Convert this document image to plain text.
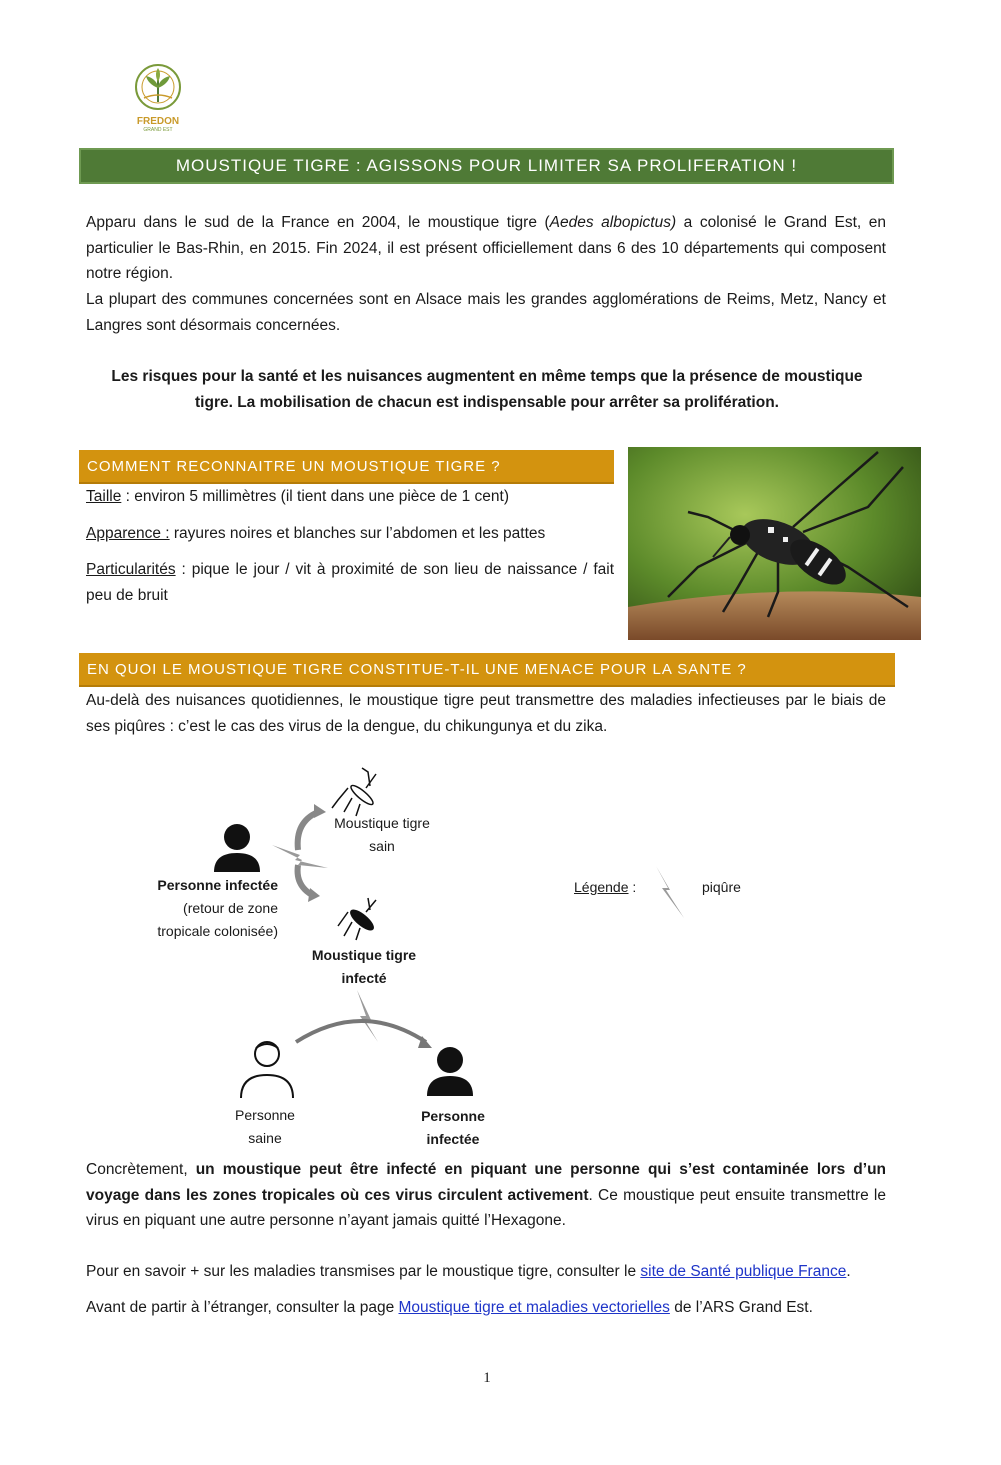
FREDON
GRAND EST
MOUSTIQUE TIGRE : AGISSONS POUR LIMITER SA PROLIFERATION !
Apparu dans le sud de la France en 2004, le moustique tigre (Aedes albopictus) a colonisé le Grand Est, en particulier le Bas-Rhin, en 2015. Fin 2024, il est présent officiellement dans 6 des 10 départements qui composent notre région.
La plupart des communes concernées sont en Alsace mais les grandes agglomérations de Reims, Metz, Nancy et Langres sont désormais concernées.
Les risques pour la santé et les nuisances augmentent en même temps que la présence de moustique tigre. La mobilisation de chacun est indispensable pour arrêter sa prolifération.
COMMENT RECONNAITRE UN MOUSTIQUE TIGRE ?
Taille : environ 5 millimètres (il tient dans une pièce de 1 cent)
Apparence : rayures noires et blanches sur l’abdomen et les pattes
Particularités : pique le jour / vit à proximité de son lieu de naissance / fait peu de bruit
EN QUOI LE MOUSTIQUE TIGRE CONSTITUE-T-IL UNE MENACE POUR LA SANTE ?
Au-delà des nuisances quotidiennes, le moustique tigre peut transmettre des maladies infectieuses par le biais de ses piqûres : c’est le cas des virus de la dengue, du chikungunya et du zika.
Moustique tigre
sain
Personne infectée
(retour de zone
tropicale colonisée)
Moustique tigre
infecté
Personne
saine
Personne
infectée
Légende :	piqûre
Concrètement, un moustique peut être infecté en piquant une personne qui s’est contaminée lors d’un voyage dans les zones tropicales où ces virus circulent activement. Ce moustique peut ensuite transmettre le virus en piquant une autre personne n’ayant jamais quitté l’Hexagone.
Pour en savoir + sur les maladies transmises par le moustique tigre, consulter le site de Santé publique France.
Avant de partir à l’étranger, consulter la page Moustique tigre et maladies vectorielles de l’ARS Grand Est.
1
